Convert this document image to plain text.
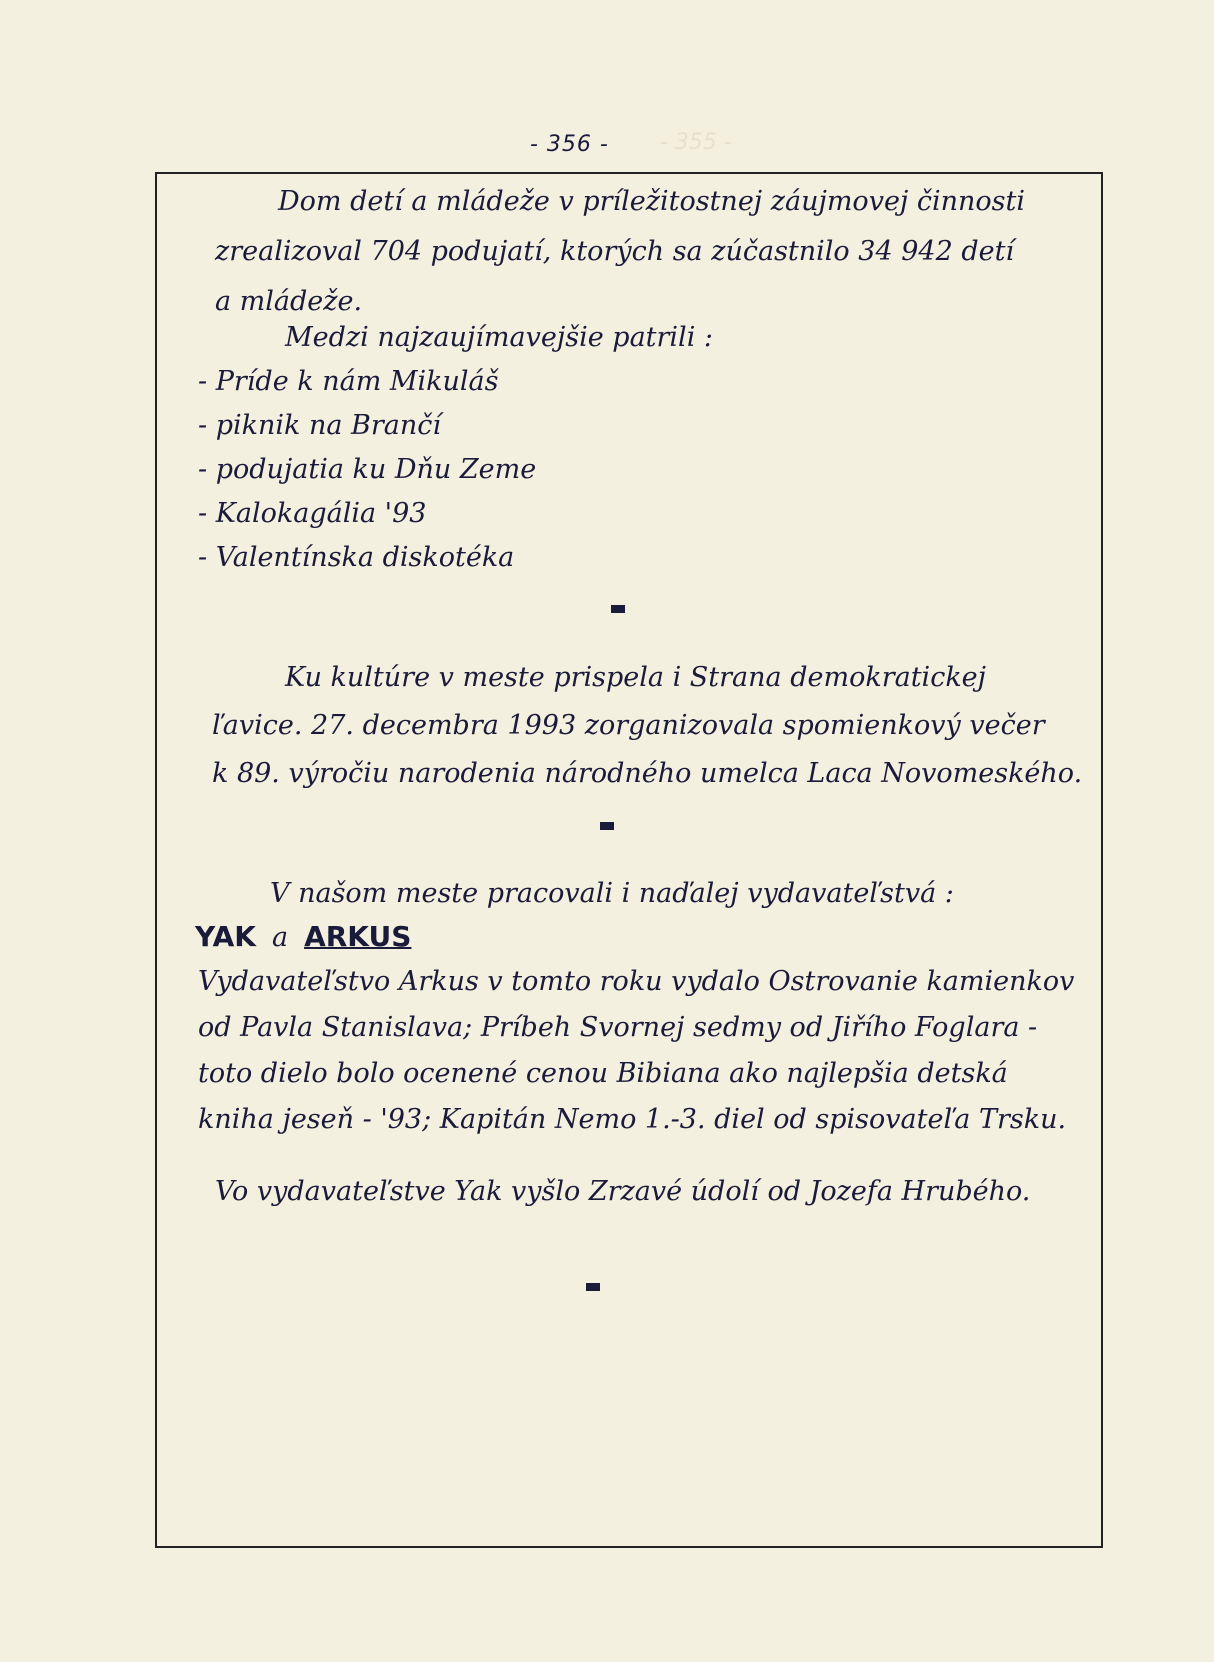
- 356 - - 355 -
Dom detí a mládeže v príležitostnej záujmovej činnosti
zrealizoval 704 podujatí, ktorých sa zúčastnilo 34 942 detí
a mládeže.
Medzi najzaujímavejšie patrili :
- Príde k nám Mikuláš
- piknik na Brančí
- podujatia ku Dňu Zeme
- Kalokagália '93
- Valentínska diskotéka
Ku kultúre v meste prispela i Strana demokratickej
ľavice. 27. decembra 1993 zorganizovala spomienkový večer
k 89. výročiu narodenia národného umelca Laca Novomeského.
V našom meste pracovali i naďalej vydavateľstvá :
YAK a ARKUS
Vydavateľstvo Arkus v tomto roku vydalo Ostrovanie kamienkov
od Pavla Stanislava; Príbeh Svornej sedmy od Jiřího Foglara -
toto dielo bolo ocenené cenou Bibiana ako najlepšia detská
kniha jeseň - '93; Kapitán Nemo 1.-3. diel od spisovateľa Trsku.
Vo vydavateľstve Yak vyšlo Zrzavé údolí od Jozefa Hrubého.
